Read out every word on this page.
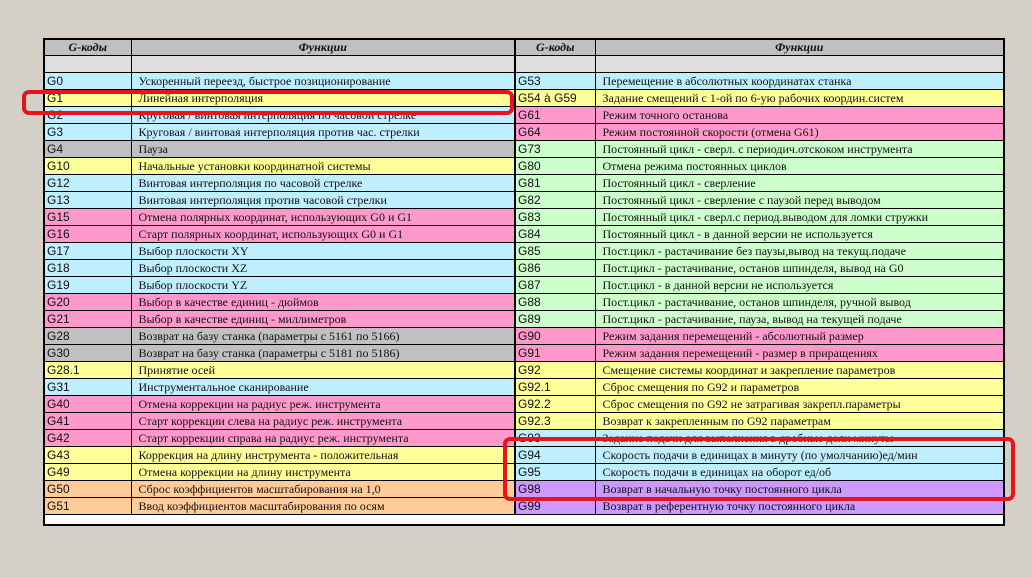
G-коды	Функции	G-коды	Функции

G0	Ускоренный переезд, быстрое позиционирование	G53	Перемещение в абсолютных координатах станка
G1	Линейная интерполяция	G54 à G59	Задание смещений с 1-ой по 6-ую рабочих координ.систем
G2	Круговая / винтовая интерполяция по часовой стрелке	G61	Режим точного останова
G3	Круговая / винтовая интерполяция против час. стрелки	G64	Режим постоянной скорости (отмена G61)
G4	Пауза	G73	Постоянный цикл - сверл. с периодич.отскоком инструмента
G10	Начальные установки координатной системы	G80	Отмена режима постоянных циклов
G12	Винтовая интерполяция по часовой стрелке	G81	Постоянный цикл - сверление
G13	Винтовая интерполяция против часовой стрелки	G82	Постоянный цикл - сверление с паузой перед выводом
G15	Отмена полярных координат, использующих G0 и G1	G83	Постоянный цикл - сверл.с период.выводом для ломки стружки
G16	Старт полярных координат, использующих G0 и G1	G84	Постоянный цикл - в данной версии не используется
G17	Выбор плоскости XY	G85	Пост.цикл - растачивание без паузы,вывод на текущ.подаче
G18	Выбор плоскости XZ	G86	Пост.цикл - растачивание, останов шпинделя, вывод на G0
G19	Выбор плоскости YZ	G87	Пост.цикл - в данной версии не используется
G20	Выбор в качестве единиц - дюймов	G88	Пост.цикл - растачивание, останов шпинделя, ручной вывод
G21	Выбор в качестве единиц - миллиметров	G89	Пост.цикл - растачивание, пауза, вывод на текущей подаче
G28	Возврат на базу станка (параметры с 5161 по 5166)	G90	Режим задания перемещений - абсолютный размер
G30	Возврат на базу станка (параметры с 5181 по 5186)	G91	Режим задания перемещений - размер в приращениях
G28.1	Принятие осей	G92	Смещение системы координат и закрепление параметров
G31	Инструментальное сканирование	G92.1	Сброс смещения по G92 и параметров
G40	Отмена коррекции на радиус реж. инструмента	G92.2	Сброс смещения по G92 не затрагивая закрепл.параметры
G41	Старт коррекции слева на радиус реж. инструмента	G92.3	Возврат к закрепленным по G92 параметрам
G42	Старт коррекции справа на радиус реж. инструмента	G93	Задание подачи для выполнения в дробные доли минуты
G43	Коррекция на длину инструмента - положительная	G94	Скорость подачи в единицах в минуту (по умолчанию)ед/мин
G49	Отмена коррекции на длину инструмента	G95	Скорость подачи в единицах на оборот ед/об
G50	Сброс коэффициентов масштабирования на 1,0	G98	Возврат в начальную точку постоянного цикла
G51	Ввод коэффициентов масштабирования по осям	G99	Возврат в референтную точку постоянного цикла
